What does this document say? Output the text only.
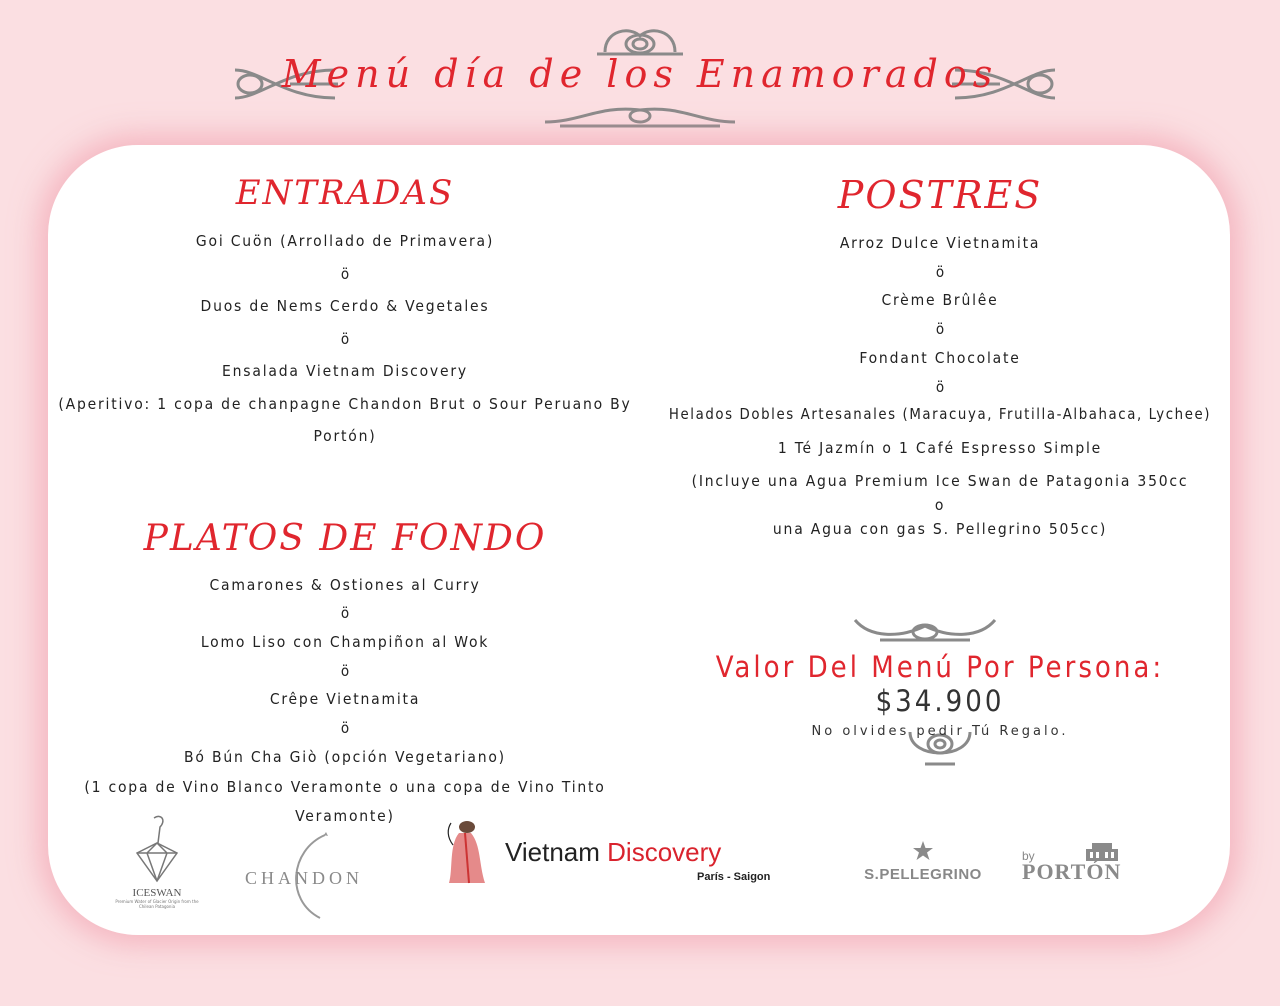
Menú día de los Enamorados
ENTRADAS
Goi Cuön (Arrollado de Primavera)
ö
Duos de Nems Cerdo & Vegetales
ö
Ensalada Vietnam Discovery
(Aperitivo: 1 copa de chanpagne Chandon Brut o Sour Peruano By Portón)
PLATOS DE FONDO
Camarones & Ostiones al Curry
ö
Lomo Liso con Champiñon al Wok
ö
Crêpe Vietnamita
ö
Bó Bún Cha Giò (opción Vegetariano)
(1 copa de Vino Blanco Veramonte o una copa de Vino Tinto Veramonte)
POSTRES
Arroz Dulce Vietnamita
ö
Crème Brûlêe
ö
Fondant Chocolate
ö
Helados Dobles Artesanales (Maracuya, Frutilla-Albahaca, Lychee)
1 Té Jazmín o 1 Café Espresso Simple
(Incluye una Agua Premium Ice Swan de Patagonia 350cc
o
una Agua con gas S. Pellegrino 505cc)
Valor Del Menú Por Persona: $34.900
No olvides pedir Tú Regalo.
ICESWAN
Premium Water of Glacier Origin from the Chilean Patagonia
CHANDON
Vietnam Discovery
París - Saigon	S.PELLEGRINO
by
PORTÓN
